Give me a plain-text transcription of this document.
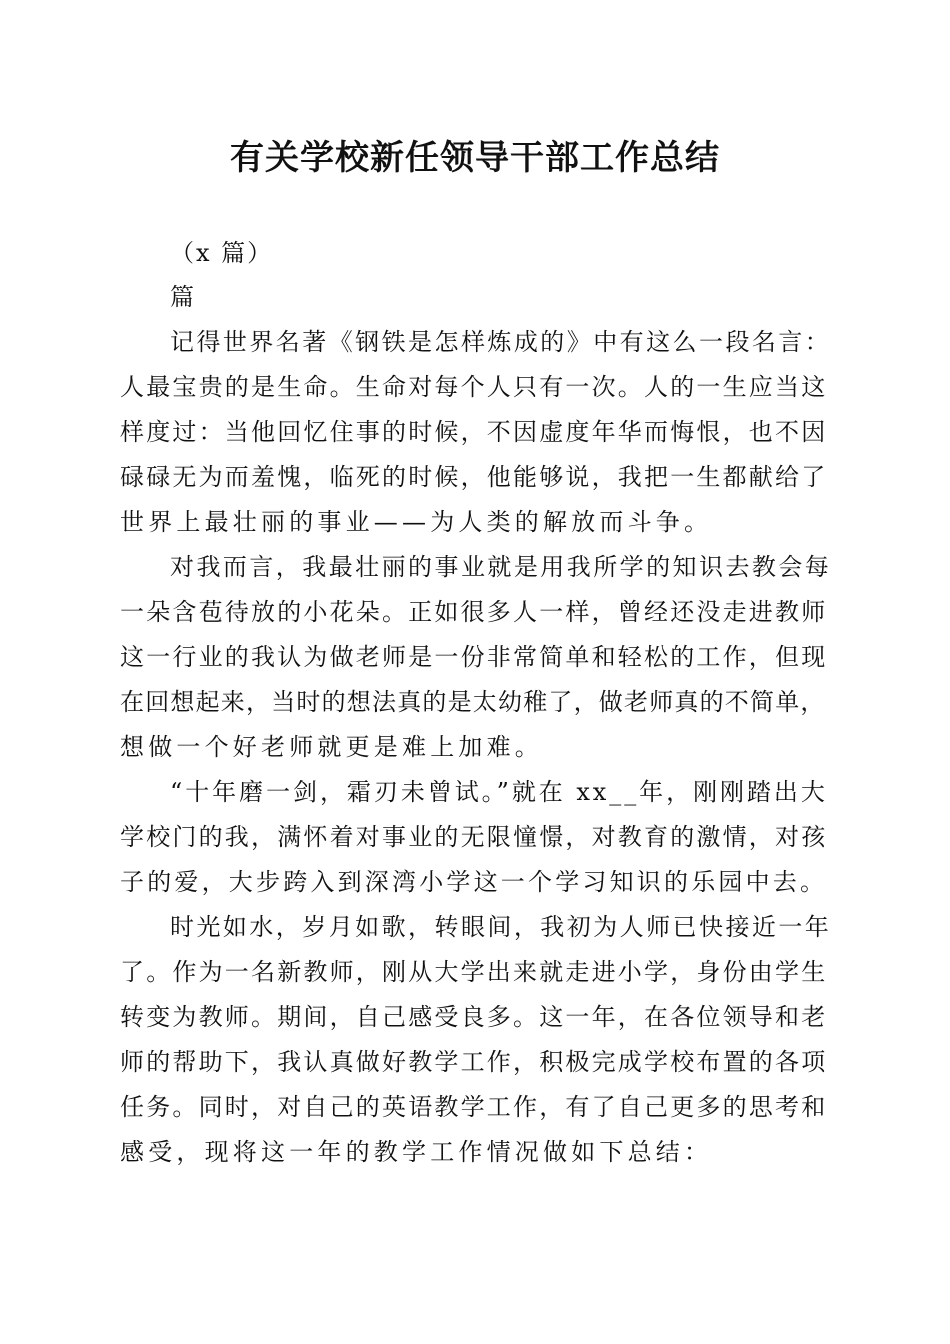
有关学校新任领导干部工作总结

（x 篇）

篇

记得世界名著《钢铁是怎样炼成的》中有这么一段名言：

人最宝贵的是生命。生命对每个人只有一次。人的一生应当这

样度过：当他回忆住事的时候，不因虚度年华而悔恨，也不因

碌碌无为而羞愧，临死的时候，他能够说，我把一生都献给了

世界上最壮丽的事业——为人类的解放而斗争。

对我而言，我最壮丽的事业就是用我所学的知识去教会每

一朵含苞待放的小花朵。正如很多人一样，曾经还没走进教师

这一行业的我认为做老师是一份非常简单和轻松的工作，但现

在回想起来，当时的想法真的是太幼稚了，做老师真的不简单，

想做一个好老师就更是难上加难。

“十年磨一剑，霜刃未曾试。”就在 xx__年，刚刚踏出大

学校门的我，满怀着对事业的无限憧憬，对教育的激情，对孩

子的爱，大步跨入到深湾小学这一个学习知识的乐园中去。

时光如水，岁月如歌，转眼间，我初为人师已快接近一年

了。作为一名新教师，刚从大学出来就走进小学，身份由学生

转变为教师。期间，自己感受良多。这一年，在各位领导和老

师的帮助下，我认真做好教学工作，积极完成学校布置的各项

任务。同时，对自己的英语教学工作，有了自己更多的思考和

感受，现将这一年的教学工作情况做如下总结：
